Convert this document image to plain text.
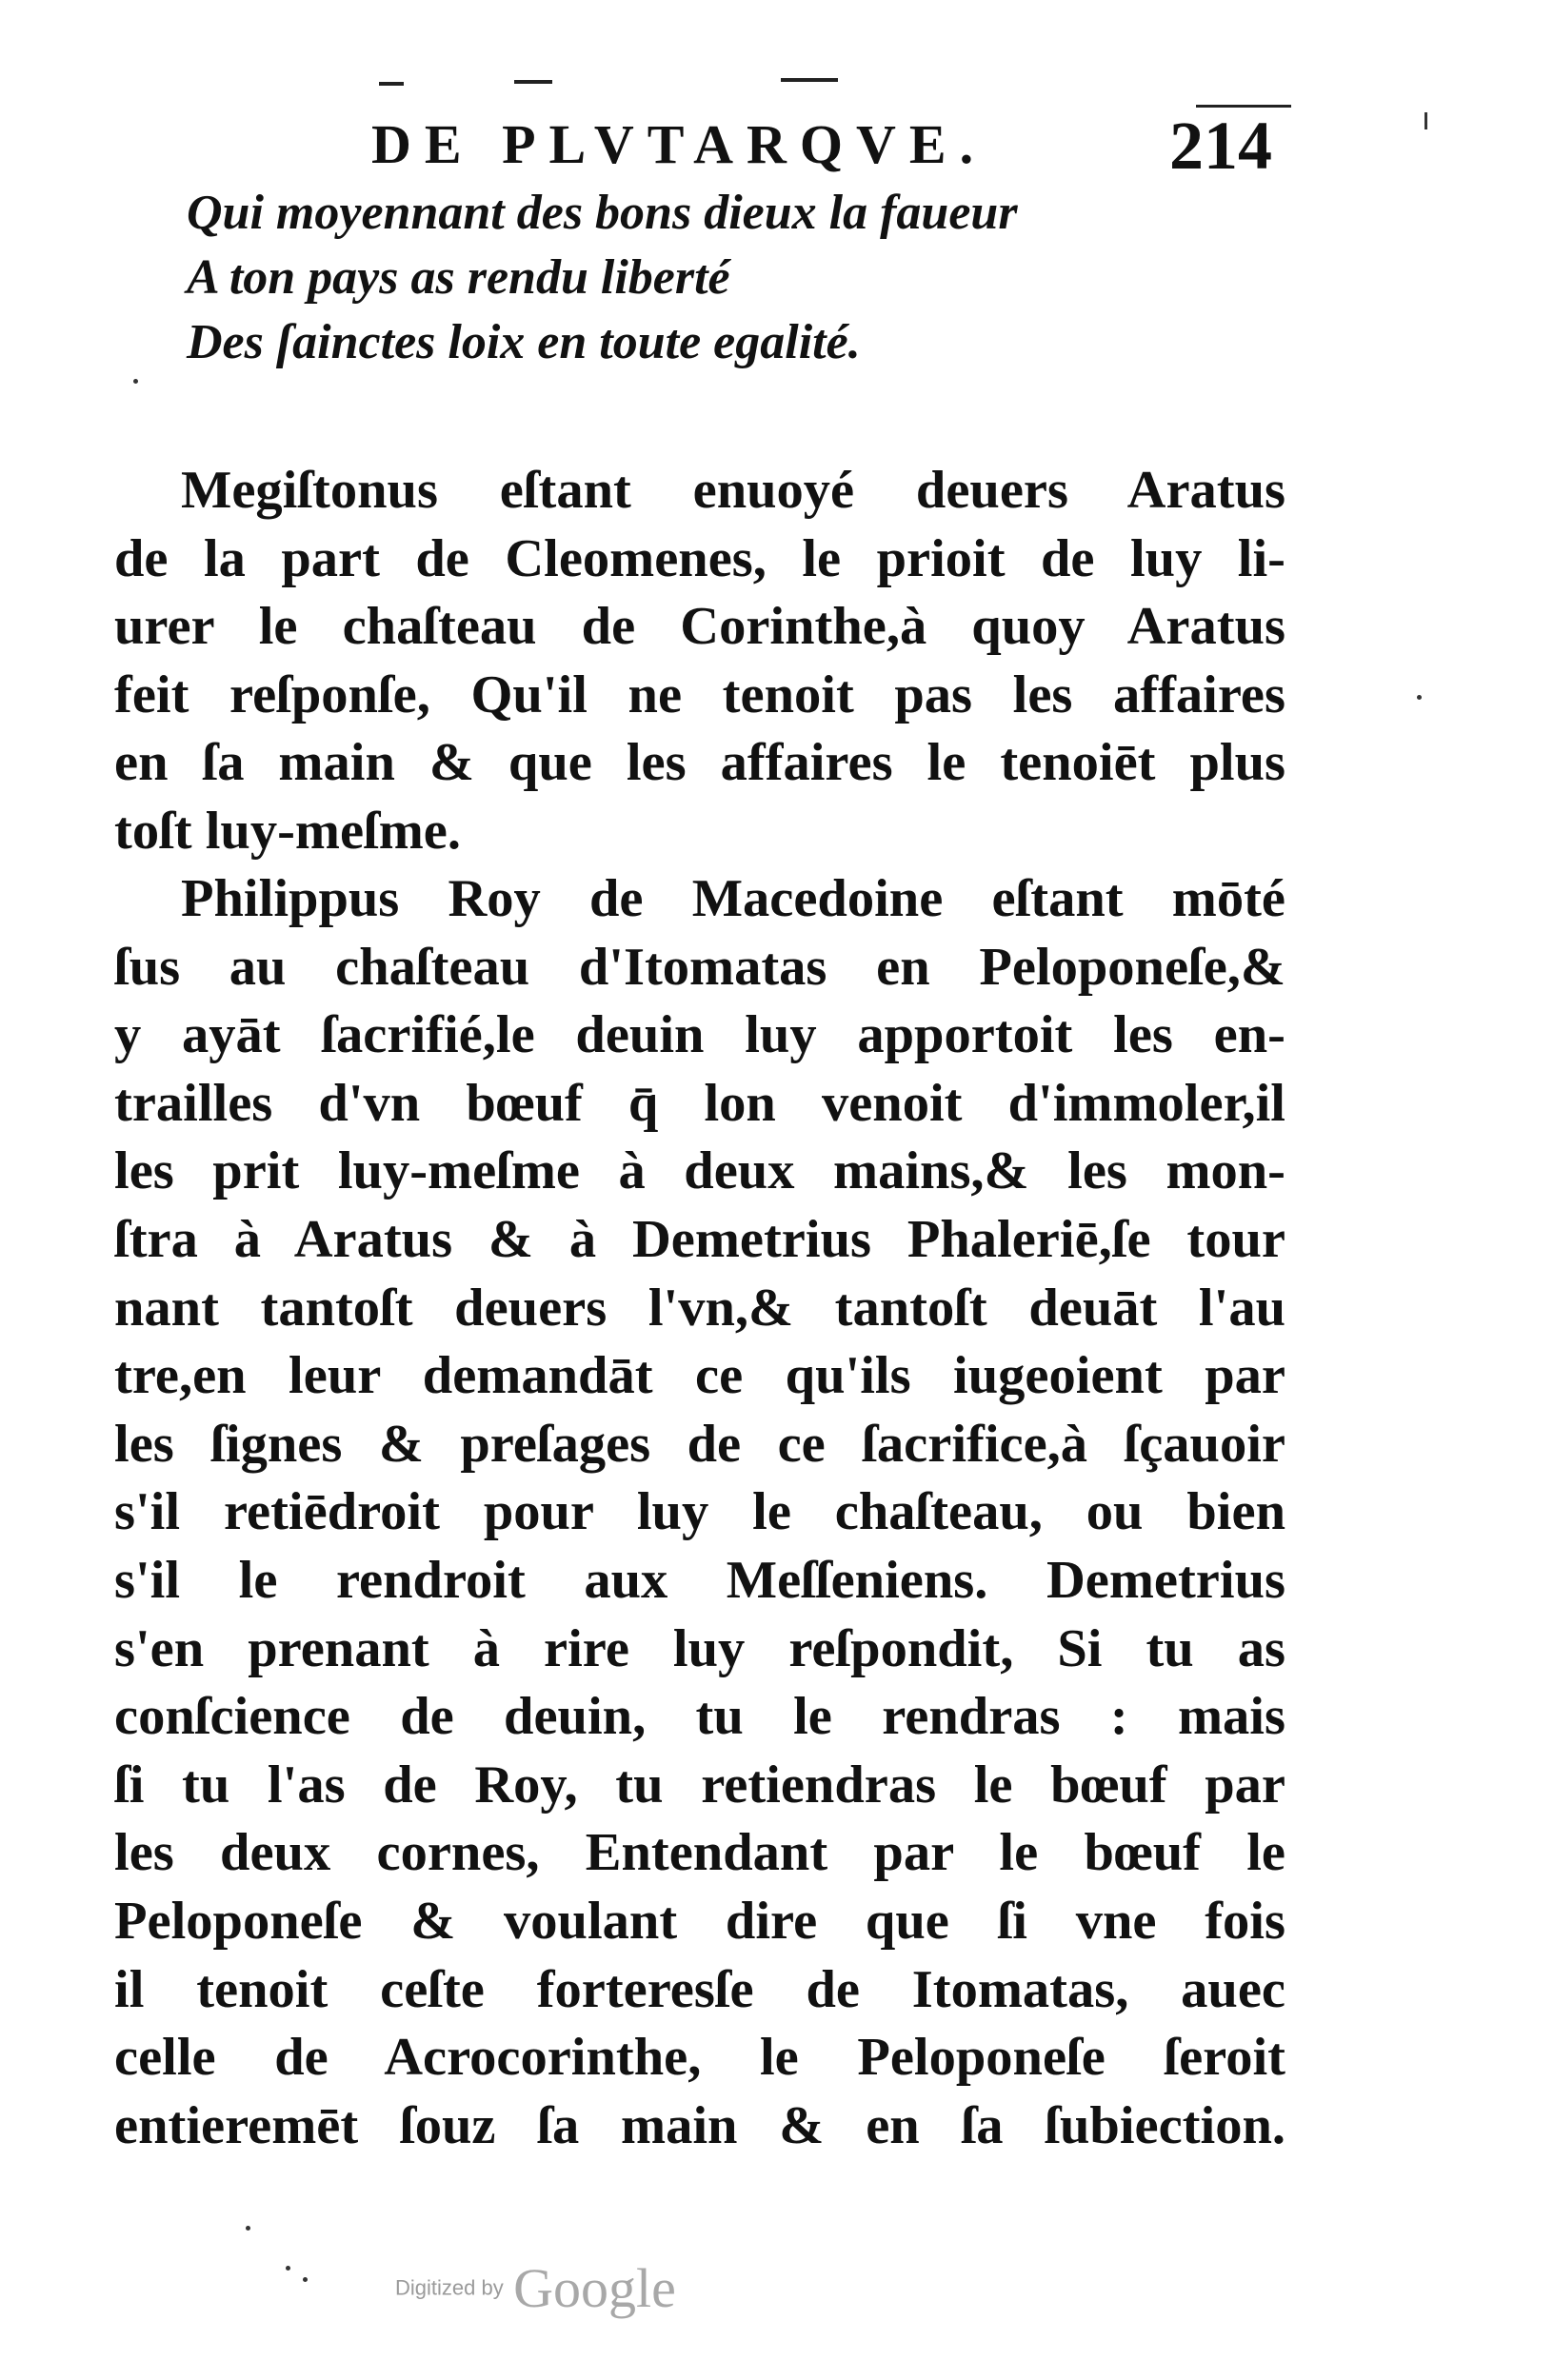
DE PLVTARQVE.	214
Qui moyennant des bons dieux la faueur
A ton pays as rendu liberté
Des ſainctes loix en toute egalité.
Megiſtonus eſtant enuoyé deuers Aratus
de la part de Cleomenes, le prioit de luy li-
urer le chaſteau de Corinthe,à quoy Aratus
feit reſponſe, Qu'il ne tenoit pas les affaires
en ſa main & que les affaires le tenoiēt plus
toſt luy-meſme.
Philippus Roy de Macedoine eſtant mōté
ſus au chaſteau d'Itomatas en Peloponeſe,&
y ayāt ſacrifié,le deuin luy apportoit les en-
trailles d'vn bœuf q̄ lon venoit d'immoler,il
les prit luy-meſme à deux mains,& les mon-
ſtra à Aratus & à Demetrius Phaleriē,ſe tour
nant tantoſt deuers l'vn,& tantoſt deuāt l'au
tre,en leur demandāt ce qu'ils iugeoient par
les ſignes & preſages de ce ſacrifice,à ſçauoir
s'il retiēdroit pour luy le chaſteau, ou bien
s'il le rendroit aux Meſſeniens. Demetrius
s'en prenant à rire luy reſpondit, Si tu as
conſcience de deuin, tu le rendras : mais
ſi tu l'as de Roy, tu retiendras le bœuf par
les deux cornes, Entendant par le bœuf le
Peloponeſe & voulant dire que ſi vne fois
il tenoit ceſte forteresſe de Itomatas, auec
celle de Acrocorinthe, le Peloponeſe ſeroit
entieremēt ſouz ſa main & en ſa ſubiection.
Digitized by Google
